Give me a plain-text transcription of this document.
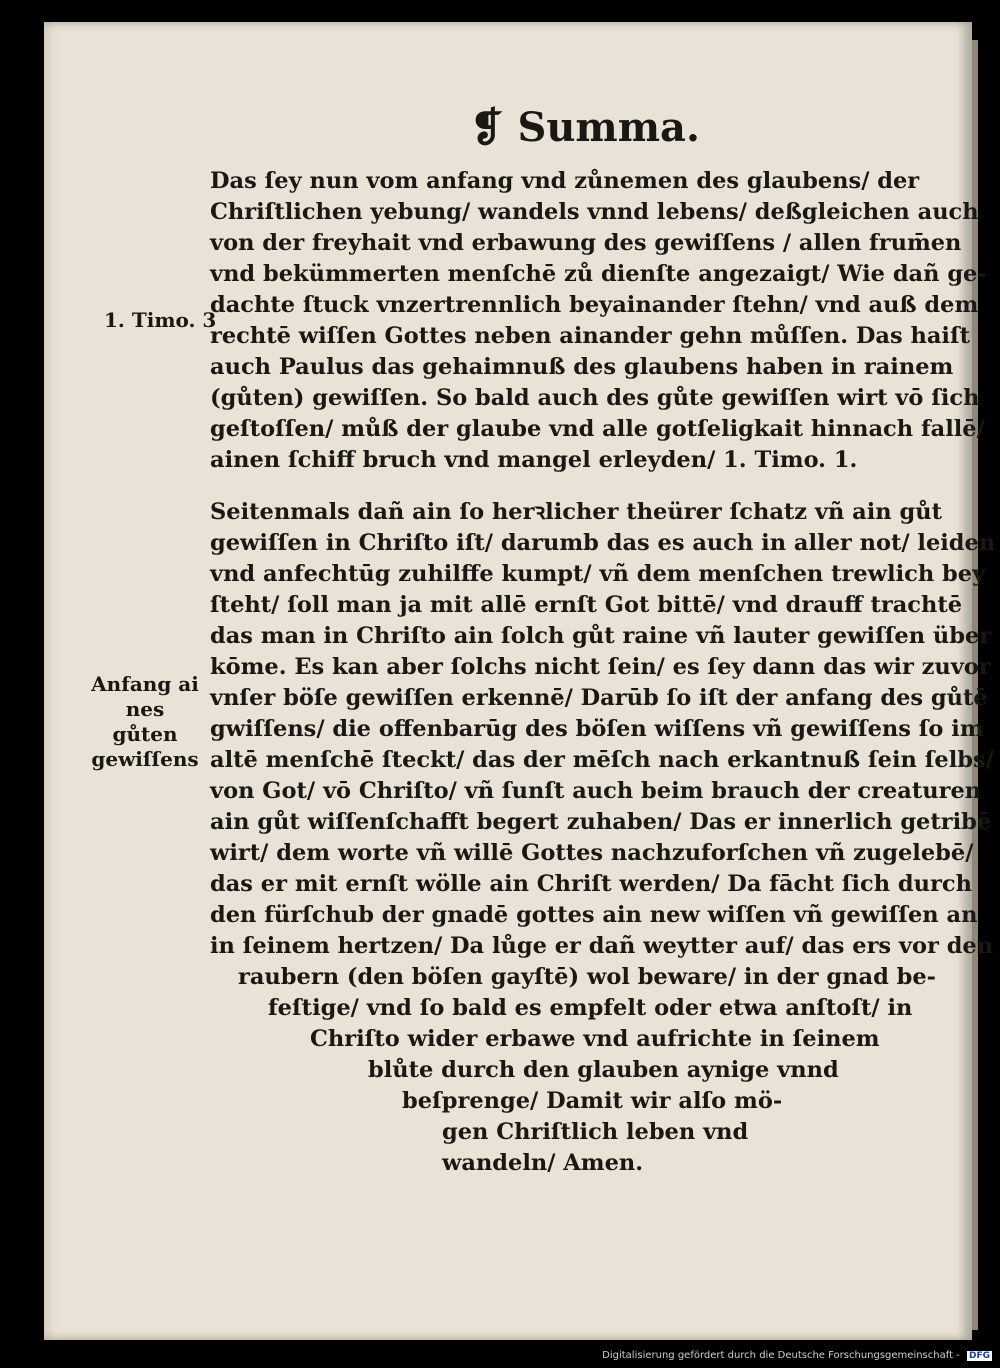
❡ Summa.
Das ſey nun vom anfang vnd zůnemen des glaubens/ der
Chriſtlichen yebung/ wandels vnnd lebens/ deßgleichen auch
von der freyhait vnd erbawung des gewiſſens / allen frum̄en
vnd bekümmerten menſchē zů dienſte angezaigt/ Wie dañ ge-
dachte ſtuck vnzertrennlich beyainander ſtehn/ vnd auß dem
rechtē wiſſen Gottes neben ainander gehn můſſen. Das haiſt
auch Paulus das gehaimnuß des glaubens haben in rainem
(gůten) gewiſſen. So bald auch des gůte gewiſſen wirt vō ſich
geſtoſſen/ můß der glaube vnd alle gotſeligkait hinnach fallē/
ainen ſchiff bruch vnd mangel erleyden/ 1. Timo. 1.
1. Timo. 3
Anfang ai
nes gůten
gewiſſens
Seitenmals dañ ain ſo herꝛlicher theürer ſchatz vñ ain gůt
gewiſſen in Chriſto iſt/ darumb das es auch in aller not/ leiden
vnd anfechtūg zuhilffe kumpt/ vñ dem menſchen trewlich bey
ſteht/ ſoll man ja mit allē ernſt Got bittē/ vnd drauff trachtē
das man in Chriſto ain ſolch gůt raine vñ lauter gewiſſen über
kōme. Es kan aber ſolchs nicht ſein/ es ſey dann das wir zuvor
vnſer böſe gewiſſen erkennē/ Darūb ſo iſt der anfang des gůtē
gwiſſens/ die offenbarūg des böſen wiſſens vñ gewiſſens ſo im
altē menſchē ſteckt/ das der mēſch nach erkantnuß ſein ſelbs/
von Got/ vō Chriſto/ vñ ſunſt auch beim brauch der creaturen
ain gůt wiſſenſchafft begert zuhaben/ Das er innerlich getribē
wirt/ dem worte vñ willē Gottes nachzuforſchen vñ zugelebē/
das er mit ernſt wölle ain Chriſt werden/ Da fācht ſich durch
den fürſchub der gnadē gottes ain new wiſſen vñ gewiſſen an
in ſeinem hertzen/ Da lůge er dañ weytter auf/ das ers vor den
raubern (den böſen gayſtē) wol beware/ in der gnad be-
feſtige/ vnd ſo bald es empfelt oder etwa anſtoſt/ in
Chriſto wider erbawe vnd aufrichte in ſeinem
blůte durch den glauben aynige vnnd
beſprenge/ Damit wir alſo mö-
gen Chriſtlich leben vnd
wandeln/ Amen.
Digitalisierung gefördert durch die Deutsche Forschungsgemeinschaft - DFG
